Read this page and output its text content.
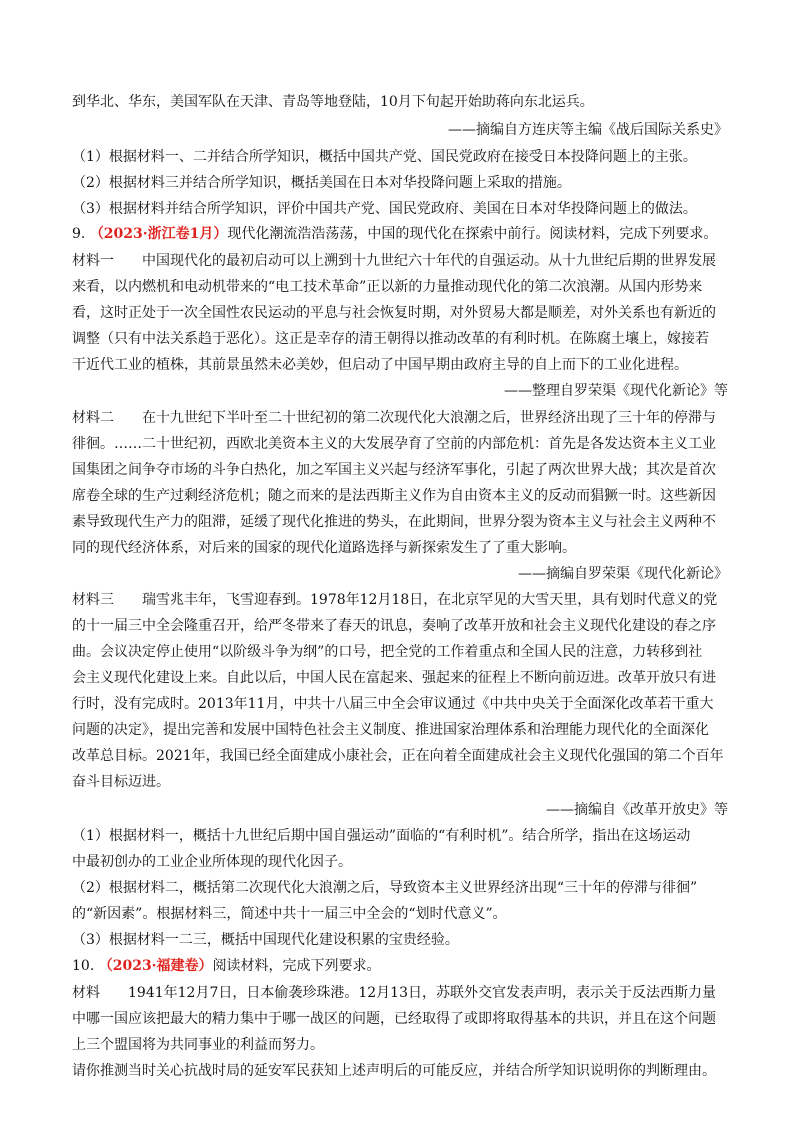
到华北、华东，美国军队在天津、青岛等地登陆，10月下旬起开始助蒋向东北运兵。
——摘编自方连庆等主编《战后国际关系史》
（1）根据材料一、二并结合所学知识，概括中国共产党、国民党政府在接受日本投降问题上的主张。
（2）根据材料三并结合所学知识，概括美国在日本对华投降问题上采取的措施。
（3）根据材料并结合所学知识，评价中国共产党、国民党政府、美国在日本对华投降问题上的做法。
9. （2023·浙江卷1月）现代化潮流浩浩荡荡，中国的现代化在探索中前行。阅读材料，完成下列要求。
材料一　　中国现代化的最初启动可以上溯到十九世纪六十年代的自强运动。从十九世纪后期的世界发展
来看，以内燃机和电动机带来的“电工技术革命”正以新的力量推动现代化的第二次浪潮。从国内形势来
看，这时正处于一次全国性农民运动的平息与社会恢复时期，对外贸易大都是顺差，对外关系也有新近的
调整（只有中法关系趋于恶化）。这正是幸存的清王朝得以推动改革的有利时机。在陈腐土壤上，嫁接若
干近代工业的植株，其前景虽然未必美妙，但启动了中国早期由政府主导的自上而下的工业化进程。
——整理自罗荣渠《现代化新论》等
材料二　　在十九世纪下半叶至二十世纪初的第二次现代化大浪潮之后，世界经济出现了三十年的停滞与
徘徊。……二十世纪初，西欧北美资本主义的大发展孕育了空前的内部危机：首先是各发达资本主义工业
国集团之间争夺市场的斗争白热化，加之军国主义兴起与经济军事化，引起了两次世界大战；其次是首次
席卷全球的生产过剩经济危机；随之而来的是法西斯主义作为自由资本主义的反动而猖獗一时。这些新因
素导致现代生产力的阻滞，延缓了现代化推进的势头，在此期间，世界分裂为资本主义与社会主义两种不
同的现代经济体系，对后来的国家的现代化道路选择与新探索发生了了重大影响。
——摘编自罗荣渠《现代化新论》
材料三　　瑞雪兆丰年，飞雪迎春到。1978年12月18日，在北京罕见的大雪天里，具有划时代意义的党
的十一届三中全会隆重召开，给严冬带来了春天的讯息，奏响了改革开放和社会主义现代化建设的春之序
曲。会议决定停止使用“以阶级斗争为纲”的口号，把全党的工作着重点和全国人民的注意，力转移到社
会主义现代化建设上来。自此以后，中国人民在富起来、强起来的征程上不断向前迈进。改革开放只有进
行时，没有完成时。2013年11月，中共十八届三中全会审议通过《中共中央关于全面深化改革若干重大
问题的决定》，提出完善和发展中国特色社会主义制度、推进国家治理体系和治理能力现代化的全面深化
改革总目标。2021年，我国已经全面建成小康社会，正在向着全面建成社会主义现代化强国的第二个百年
奋斗目标迈进。
——摘编自《改革开放史》等
（1）根据材料一，概括十九世纪后期中国自强运动”面临的“有利时机”。结合所学，指出在这场运动
中最初创办的工业企业所体现的现代化因子。
（2）根据材料二，概括第二次现代化大浪潮之后，导致资本主义世界经济出现“三十年的停滞与徘徊”
的“新因素”。根据材料三，简述中共十一届三中全会的“划时代意义”。
（3）根据材料一二三，概括中国现代化建设积累的宝贵经验。
10. （2023·福建卷）阅读材料，完成下列要求。
材料　　1941年12月7日，日本偷袭珍珠港。12月13日，苏联外交官发表声明，表示关于反法西斯力量
中哪一国应该把最大的精力集中于哪一战区的问题，已经取得了或即将取得基本的共识，并且在这个问题
上三个盟国将为共同事业的利益而努力。
请你推测当时关心抗战时局的延安军民获知上述声明后的可能反应，并结合所学知识说明你的判断理由。
